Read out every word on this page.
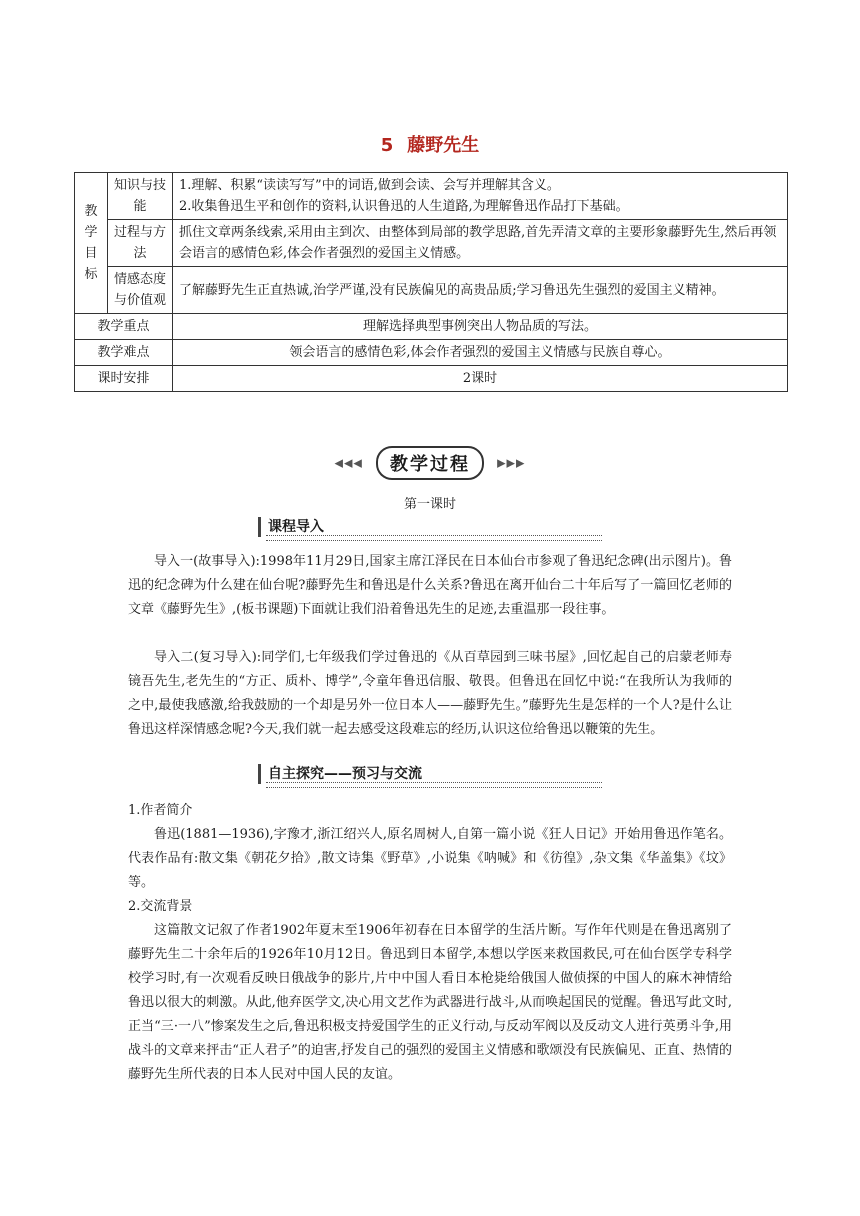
5 藤野先生
教学目标	知识与技能	1.理解、积累“读读写写”中的词语,做到会读、会写并理解其含义。
2.收集鲁迅生平和创作的资料,认识鲁迅的人生道路,为理解鲁迅作品打下基础。

	过程与方法	抓住文章两条线索,采用由主到次、由整体到局部的教学思路,首先弄清文章的主要形象藤野先生,然后再领会语言的感情色彩,体会作者强烈的爱国主义情感。
	情感态度与价值观	了解藤野先生正直热诚,治学严谨,没有民族偏见的高贵品质;学习鲁迅先生强烈的爱国主义精神。
教学重点		理解选择典型事例突出人物品质的写法。
教学难点		领会语言的感情色彩,体会作者强烈的爱国主义情感与民族自尊心。
课时安排		2课时
◀◀◀ 教学过程 ▶▶▶
第一课时
课程导入

导入一(故事导入):1998年11月29日,国家主席江泽民在日本仙台市参观了鲁迅纪念碑(出示图片)。鲁迅的纪念碑为什么建在仙台呢?藤野先生和鲁迅是什么关系?鲁迅在离开仙台二十年后写了一篇回忆老师的文章《藤野先生》,(板书课题)下面就让我们沿着鲁迅先生的足迹,去重温那一段往事。

导入二(复习导入):同学们,七年级我们学过鲁迅的《从百草园到三味书屋》,回忆起自己的启蒙老师寿镜吾先生,老先生的“方正、质朴、博学”,令童年鲁迅信服、敬畏。但鲁迅在回忆中说:“在我所认为我师的之中,最使我感激,给我鼓励的一个却是另外一位日本人——藤野先生。”藤野先生是怎样的一个人?是什么让鲁迅这样深情感念呢?今天,我们就一起去感受这段难忘的经历,认识这位给鲁迅以鞭策的先生。

自主探究——预习与交流

1.作者简介

鲁迅(1881—1936),字豫才,浙江绍兴人,原名周树人,自第一篇小说《狂人日记》开始用鲁迅作笔名。代表作品有:散文集《朝花夕拾》,散文诗集《野草》,小说集《呐喊》和《彷徨》,杂文集《华盖集》《坟》等。

2.交流背景

这篇散文记叙了作者1902年夏末至1906年初春在日本留学的生活片断。写作年代则是在鲁迅离别了藤野先生二十余年后的1926年10月12日。鲁迅到日本留学,本想以学医来救国救民,可在仙台医学专科学校学习时,有一次观看反映日俄战争的影片,片中中国人看日本枪毙给俄国人做侦探的中国人的麻木神情给鲁迅以很大的刺激。从此,他弃医学文,决心用文艺作为武器进行战斗,从而唤起国民的觉醒。鲁迅写此文时,正当“三·一八”惨案发生之后,鲁迅积极支持爱国学生的正义行动,与反动军阀以及反动文人进行英勇斗争,用战斗的文章来抨击“正人君子”的迫害,抒发自己的强烈的爱国主义情感和歌颂没有民族偏见、正直、热情的藤野先生所代表的日本人民对中国人民的友谊。
